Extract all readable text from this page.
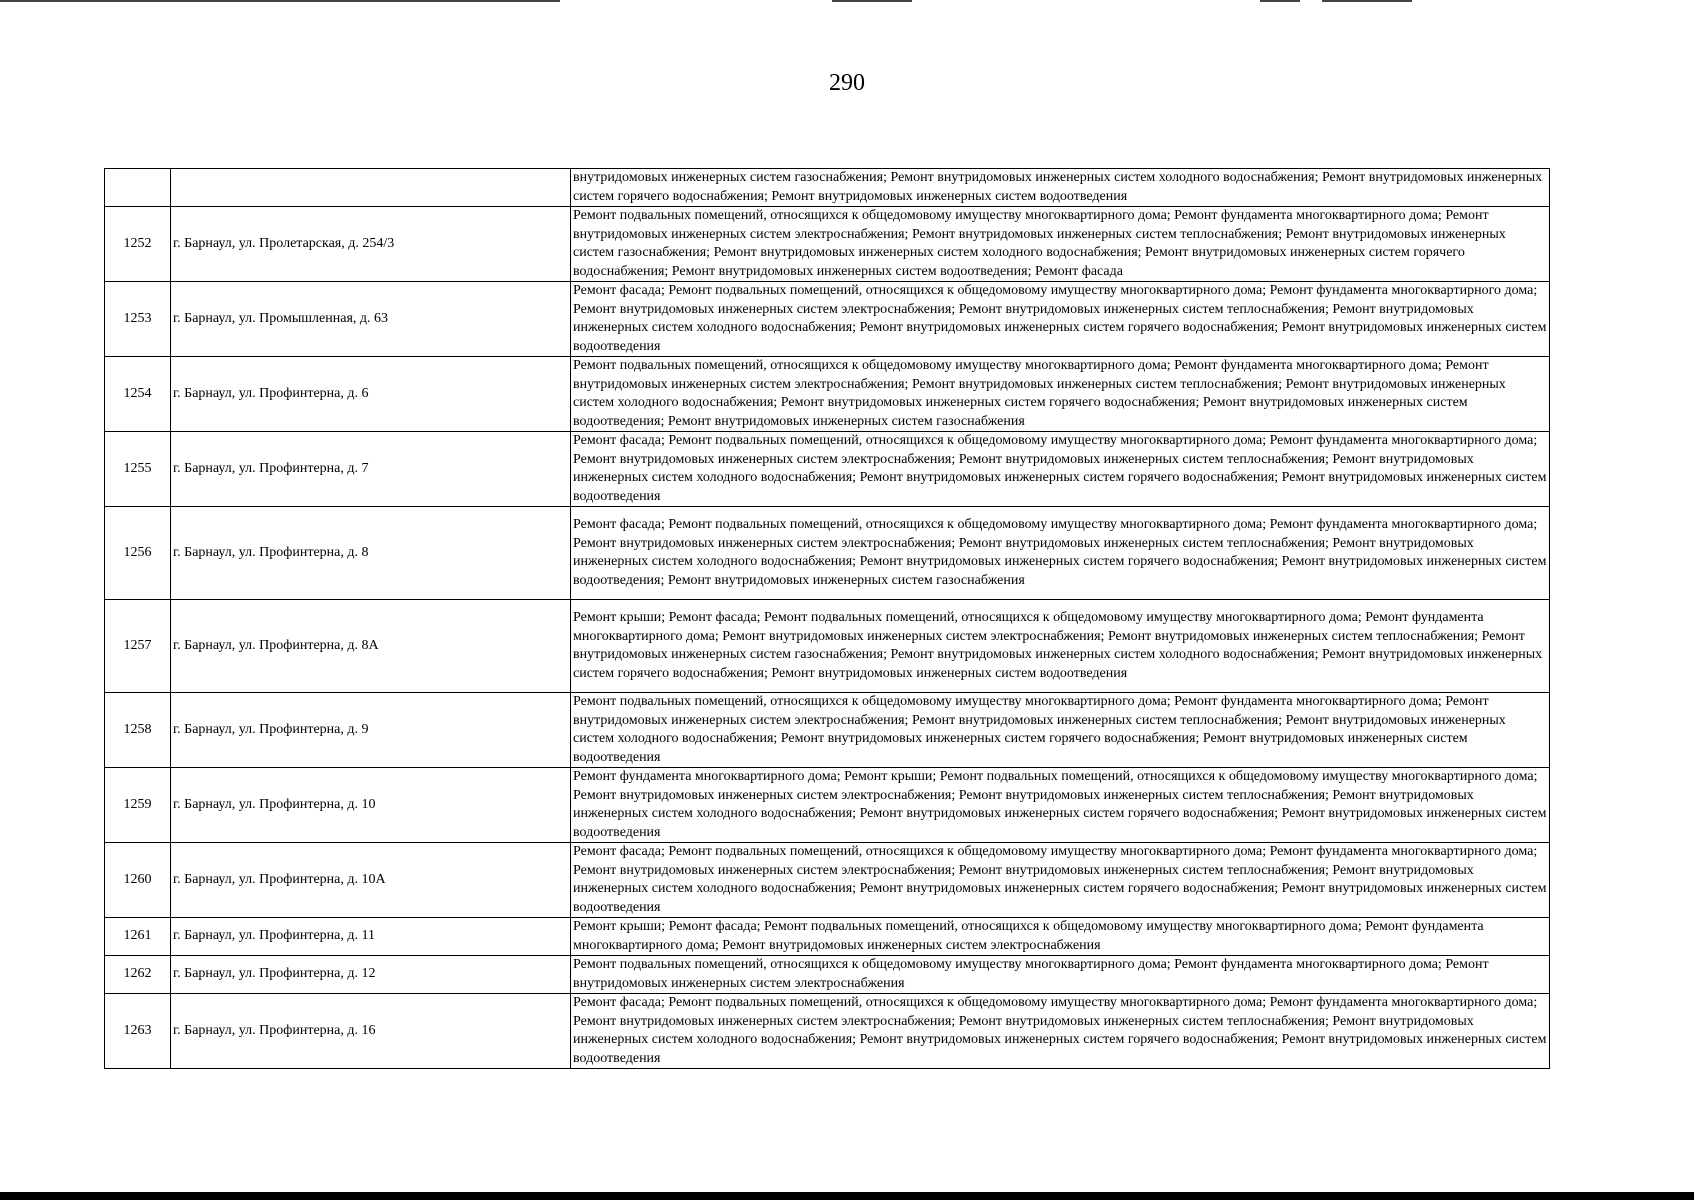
290
		внутридомовых инженерных систем газоснабжения; Ремонт внутридомовых инженерных систем холодного водоснабжения; Ремонт внутридомовых инженерных систем горячего водоснабжения; Ремонт внутридомовых инженерных систем водоотведения
1252	г. Барнаул, ул. Пролетарская, д. 254/3	Ремонт подвальных помещений, относящихся к общедомовому имуществу многоквартирного дома; Ремонт фундамента многоквартирного дома; Ремонт внутридомовых инженерных систем электроснабжения; Ремонт внутридомовых инженерных систем теплоснабжения; Ремонт внутридомовых инженерных систем газоснабжения; Ремонт внутридомовых инженерных систем холодного водоснабжения; Ремонт внутридомовых инженерных систем горячего водоснабжения; Ремонт внутридомовых инженерных систем водоотведения; Ремонт фасада
1253	г. Барнаул, ул. Промышленная, д. 63	Ремонт фасада; Ремонт подвальных помещений, относящихся к общедомовому имуществу многоквартирного дома; Ремонт фундамента многоквартирного дома; Ремонт внутридомовых инженерных систем электроснабжения; Ремонт внутридомовых инженерных систем теплоснабжения; Ремонт внутридомовых инженерных систем холодного водоснабжения; Ремонт внутридомовых инженерных систем горячего водоснабжения; Ремонт внутридомовых инженерных систем водоотведения
1254	г. Барнаул, ул. Профинтерна, д. 6	Ремонт подвальных помещений, относящихся к общедомовому имуществу многоквартирного дома; Ремонт фундамента многоквартирного дома; Ремонт внутридомовых инженерных систем электроснабжения; Ремонт внутридомовых инженерных систем теплоснабжения; Ремонт внутридомовых инженерных систем холодного водоснабжения; Ремонт внутридомовых инженерных систем горячего водоснабжения; Ремонт внутридомовых инженерных систем водоотведения; Ремонт внутридомовых инженерных систем газоснабжения
1255	г. Барнаул, ул. Профинтерна, д. 7	Ремонт фасада; Ремонт подвальных помещений, относящихся к общедомовому имуществу многоквартирного дома; Ремонт фундамента многоквартирного дома; Ремонт внутридомовых инженерных систем электроснабжения; Ремонт внутридомовых инженерных систем теплоснабжения; Ремонт внутридомовых инженерных систем холодного водоснабжения; Ремонт внутридомовых инженерных систем горячего водоснабжения; Ремонт внутридомовых инженерных систем водоотведения
1256	г. Барнаул, ул. Профинтерна, д. 8	Ремонт фасада; Ремонт подвальных помещений, относящихся к общедомовому имуществу многоквартирного дома; Ремонт фундамента многоквартирного дома; Ремонт внутридомовых инженерных систем электроснабжения; Ремонт внутридомовых инженерных систем теплоснабжения; Ремонт внутридомовых инженерных систем холодного водоснабжения; Ремонт внутридомовых инженерных систем горячего водоснабжения; Ремонт внутридомовых инженерных систем водоотведения; Ремонт внутридомовых инженерных систем газоснабжения
1257	г. Барнаул, ул. Профинтерна, д. 8А	Ремонт крыши; Ремонт фасада; Ремонт подвальных помещений, относящихся к общедомовому имуществу многоквартирного дома; Ремонт фундамента многоквартирного дома; Ремонт внутридомовых инженерных систем электроснабжения; Ремонт внутридомовых инженерных систем теплоснабжения; Ремонт внутридомовых инженерных систем газоснабжения; Ремонт внутридомовых инженерных систем холодного водоснабжения; Ремонт внутридомовых инженерных систем горячего водоснабжения; Ремонт внутридомовых инженерных систем водоотведения
1258	г. Барнаул, ул. Профинтерна, д. 9	Ремонт подвальных помещений, относящихся к общедомовому имуществу многоквартирного дома; Ремонт фундамента многоквартирного дома; Ремонт внутридомовых инженерных систем электроснабжения; Ремонт внутридомовых инженерных систем теплоснабжения; Ремонт внутридомовых инженерных систем холодного водоснабжения; Ремонт внутридомовых инженерных систем горячего водоснабжения; Ремонт внутридомовых инженерных систем водоотведения
1259	г. Барнаул, ул. Профинтерна, д. 10	Ремонт фундамента многоквартирного дома; Ремонт крыши; Ремонт подвальных помещений, относящихся к общедомовому имуществу многоквартирного дома; Ремонт внутридомовых инженерных систем электроснабжения; Ремонт внутридомовых инженерных систем теплоснабжения; Ремонт внутридомовых инженерных систем холодного водоснабжения; Ремонт внутридомовых инженерных систем горячего водоснабжения; Ремонт внутридомовых инженерных систем водоотведения
1260	г. Барнаул, ул. Профинтерна, д. 10А	Ремонт фасада; Ремонт подвальных помещений, относящихся к общедомовому имуществу многоквартирного дома; Ремонт фундамента многоквартирного дома; Ремонт внутридомовых инженерных систем электроснабжения; Ремонт внутридомовых инженерных систем теплоснабжения; Ремонт внутридомовых инженерных систем холодного водоснабжения; Ремонт внутридомовых инженерных систем горячего водоснабжения; Ремонт внутридомовых инженерных систем водоотведения
1261	г. Барнаул, ул. Профинтерна, д. 11	Ремонт крыши; Ремонт фасада; Ремонт подвальных помещений, относящихся к общедомовому имуществу многоквартирного дома; Ремонт фундамента многоквартирного дома; Ремонт внутридомовых инженерных систем электроснабжения
1262	г. Барнаул, ул. Профинтерна, д. 12	Ремонт подвальных помещений, относящихся к общедомовому имуществу многоквартирного дома; Ремонт фундамента многоквартирного дома; Ремонт внутридомовых инженерных систем электроснабжения
1263	г. Барнаул, ул. Профинтерна, д. 16	Ремонт фасада; Ремонт подвальных помещений, относящихся к общедомовому имуществу многоквартирного дома; Ремонт фундамента многоквартирного дома; Ремонт внутридомовых инженерных систем электроснабжения; Ремонт внутридомовых инженерных систем теплоснабжения; Ремонт внутридомовых инженерных систем холодного водоснабжения; Ремонт внутридомовых инженерных систем горячего водоснабжения; Ремонт внутридомовых инженерных систем водоотведения
